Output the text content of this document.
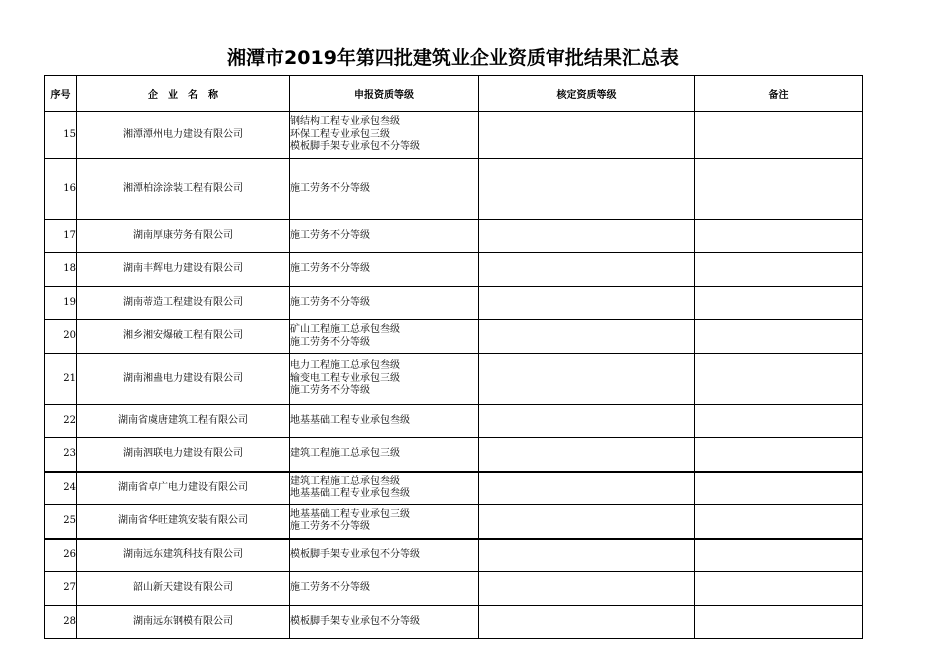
湘潭市2019年第四批建筑业企业资质审批结果汇总表
序号	企　业　名　称	申报资质等级	核定资质等级	备注
15	湘潭潭州电力建设有限公司	钢结构工程专业承包叁级
环保工程专业承包三级
模板脚手架专业承包不分等级		

16	湘潭柏涂涂装工程有限公司	施工劳务不分等级		

17	湖南厚康劳务有限公司	施工劳务不分等级		

18	湖南丰辉电力建设有限公司	施工劳务不分等级		

19	湖南蒂造工程建设有限公司	施工劳务不分等级		

20	湘乡湘安爆破工程有限公司	矿山工程施工总承包叁级
施工劳务不分等级		

21	湖南湘蛊电力建设有限公司	电力工程施工总承包叁级
输变电工程专业承包三级
施工劳务不分等级		

22	湖南省虞唐建筑工程有限公司	地基基础工程专业承包叁级		

23	湖南泗联电力建设有限公司	建筑工程施工总承包三级		

24	湖南省卓广电力建设有限公司	建筑工程施工总承包叁级
地基基础工程专业承包叁级		

25	湖南省华旺建筑安装有限公司	地基基础工程专业承包三级
施工劳务不分等级		

26	湖南远东建筑科技有限公司	模板脚手架专业承包不分等级		

27	韶山新天建设有限公司	施工劳务不分等级		

28	湖南远东钢模有限公司	模板脚手架专业承包不分等级		
